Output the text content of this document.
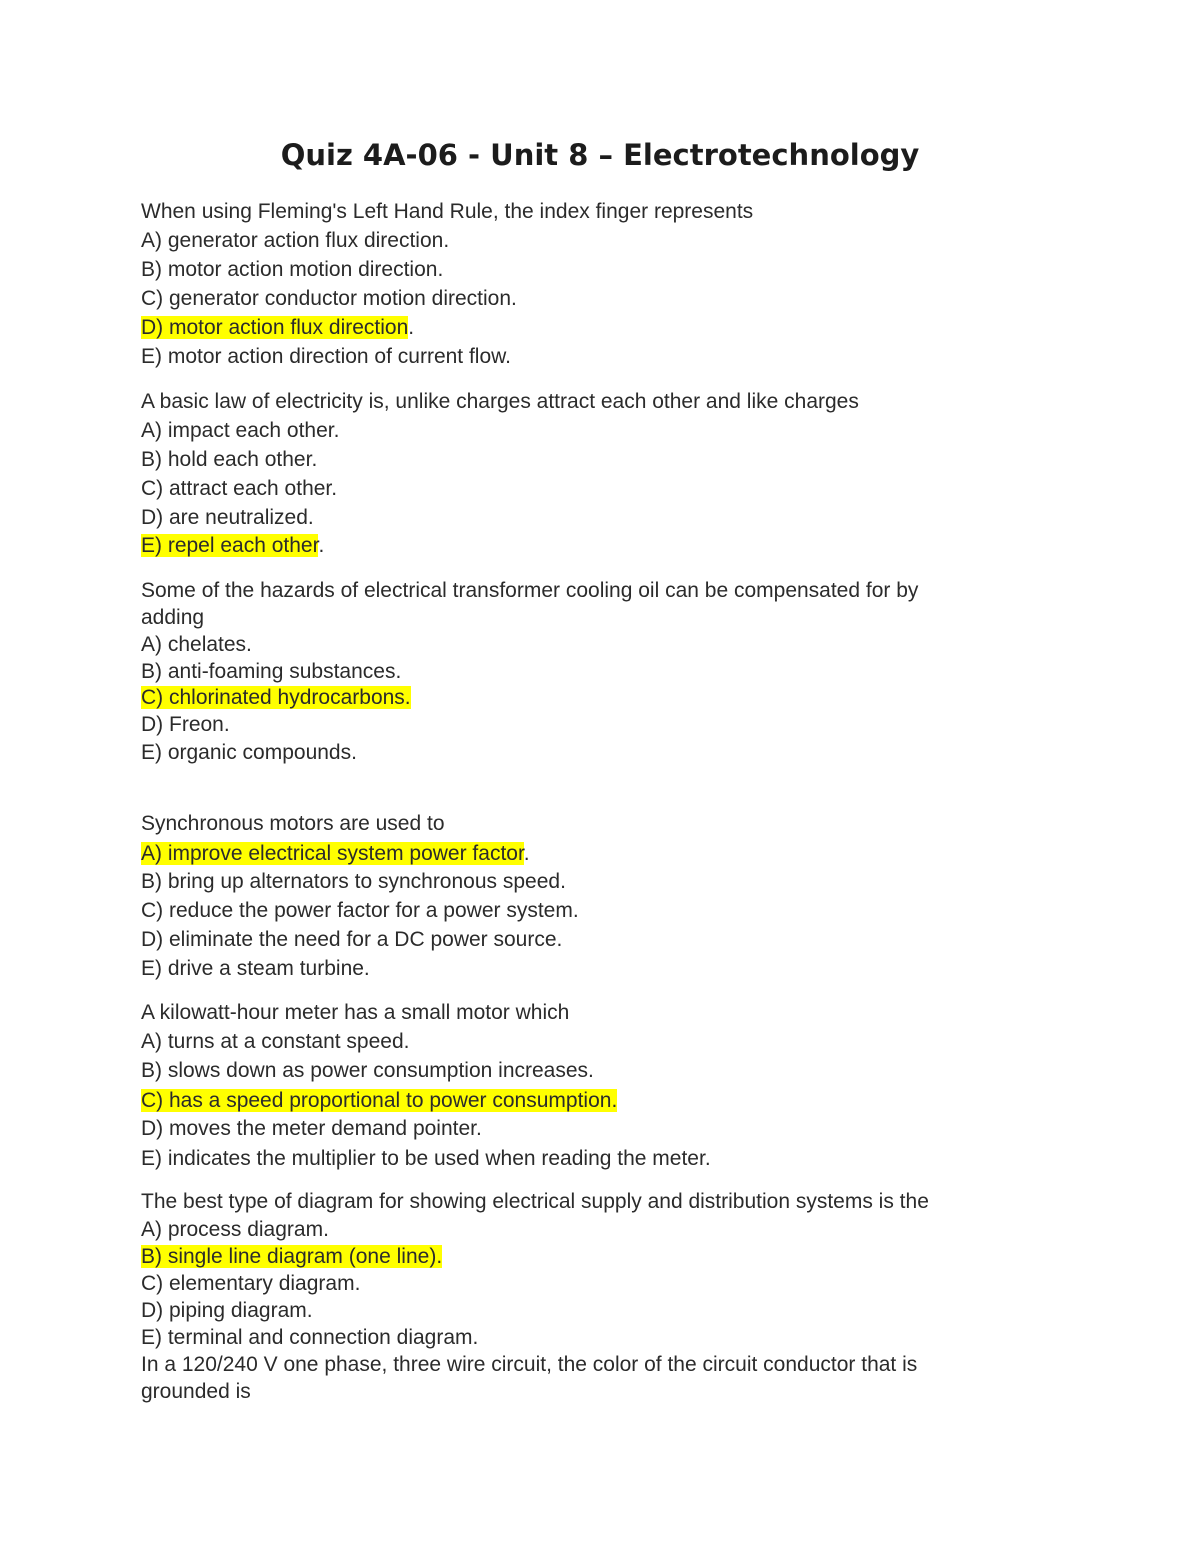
Quiz 4A-06 - Unit 8 – Electrotechnology
When using Fleming's Left Hand Rule, the index finger represents
A) generator action flux direction.
B) motor action motion direction.
C) generator conductor motion direction.
D) motor action flux direction.
E) motor action direction of current flow.
A basic law of electricity is, unlike charges attract each other and like charges
A) impact each other.
B) hold each other.
C) attract each other.
D) are neutralized.
E) repel each other.
Some of the hazards of electrical transformer cooling oil can be compensated for by
adding
A) chelates.
B) anti-foaming substances.
C) chlorinated hydrocarbons.
D) Freon.
E) organic compounds.
Synchronous motors are used to
A) improve electrical system power factor.
B) bring up alternators to synchronous speed.
C) reduce the power factor for a power system.
D) eliminate the need for a DC power source.
E) drive a steam turbine.
A kilowatt-hour meter has a small motor which
A) turns at a constant speed.
B) slows down as power consumption increases.
C) has a speed proportional to power consumption.
D) moves the meter demand pointer.
E) indicates the multiplier to be used when reading the meter.
The best type of diagram for showing electrical supply and distribution systems is the
A) process diagram.
B) single line diagram (one line).
C) elementary diagram.
D) piping diagram.
E) terminal and connection diagram.
In a 120/240 V one phase, three wire circuit, the color of the circuit conductor that is
grounded is
